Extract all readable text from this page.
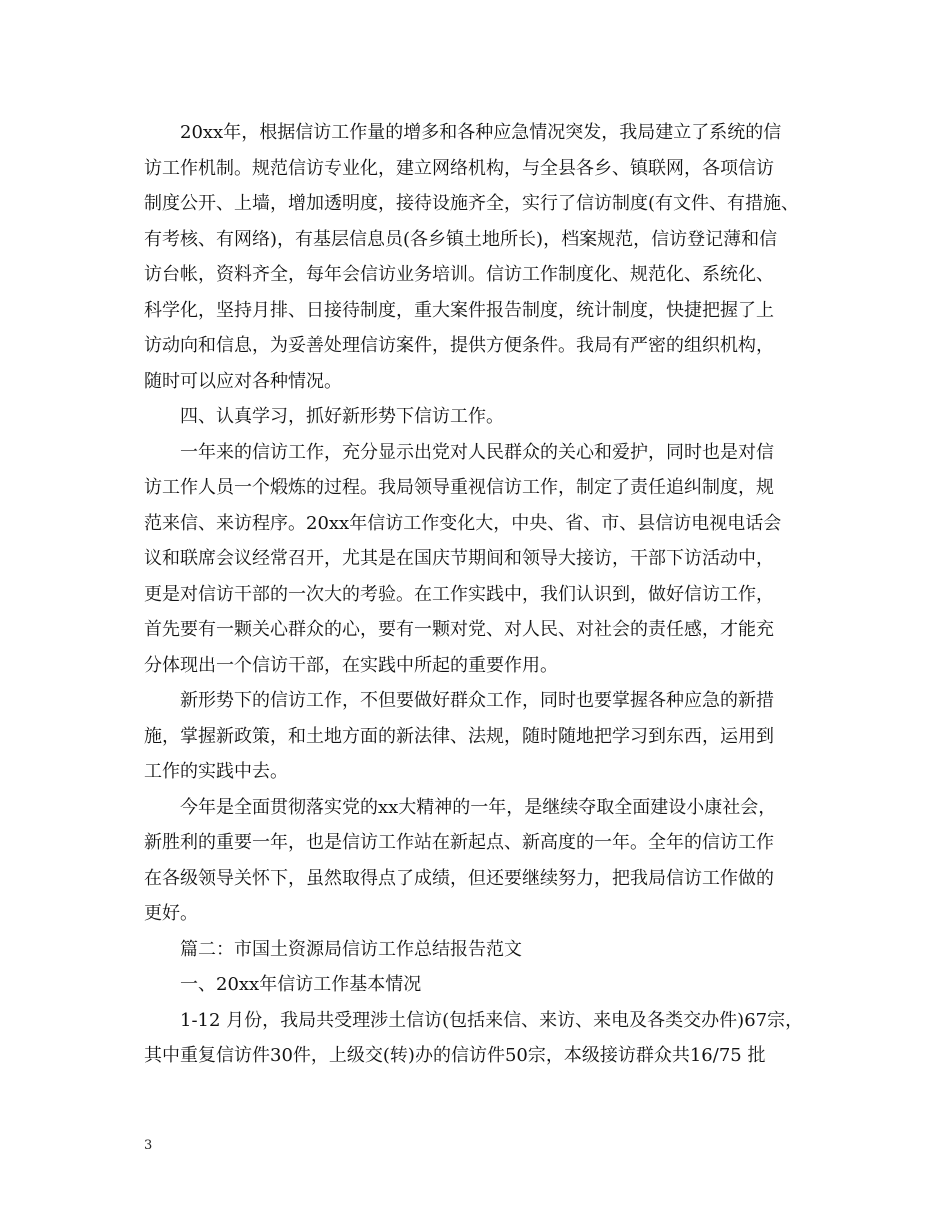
20xx年，根据信访工作量的增多和各种应急情况突发，我局建立了系统的信
访工作机制。规范信访专业化，建立网络机构，与全县各乡、镇联网，各项信访
制度公开、上墙，增加透明度，接待设施齐全，实行了信访制度(有文件、有措施、
有考核、有网络)，有基层信息员(各乡镇土地所长)，档案规范，信访登记薄和信
访台帐，资料齐全，每年会信访业务培训。信访工作制度化、规范化、系统化、
科学化，坚持月排、日接待制度，重大案件报告制度，统计制度，快捷把握了上
访动向和信息，为妥善处理信访案件，提供方便条件。我局有严密的组织机构，
随时可以应对各种情况。
四、认真学习，抓好新形势下信访工作。
一年来的信访工作，充分显示出党对人民群众的关心和爱护，同时也是对信
访工作人员一个煅炼的过程。我局领导重视信访工作，制定了责任追纠制度，规
范来信、来访程序。20xx年信访工作变化大，中央、省、市、县信访电视电话会
议和联席会议经常召开，尤其是在国庆节期间和领导大接访，干部下访活动中，
更是对信访干部的一次大的考验。在工作实践中，我们认识到，做好信访工作，
首先要有一颗关心群众的心，要有一颗对党、对人民、对社会的责任感，才能充
分体现出一个信访干部，在实践中所起的重要作用。
新形势下的信访工作，不但要做好群众工作，同时也要掌握各种应急的新措
施，掌握新政策，和土地方面的新法律、法规，随时随地把学习到东西，运用到
工作的实践中去。
今年是全面贯彻落实党的xx大精神的一年，是继续夺取全面建设小康社会，
新胜利的重要一年，也是信访工作站在新起点、新高度的一年。全年的信访工作
在各级领导关怀下，虽然取得点了成绩，但还要继续努力，把我局信访工作做的
更好。
篇二：市国土资源局信访工作总结报告范文
一、20xx年信访工作基本情况
1-12 月份，我局共受理涉土信访(包括来信、来访、来电及各类交办件)67宗，
其中重复信访件30件，上级交(转)办的信访件50宗，本级接访群众共16/75 批
3
